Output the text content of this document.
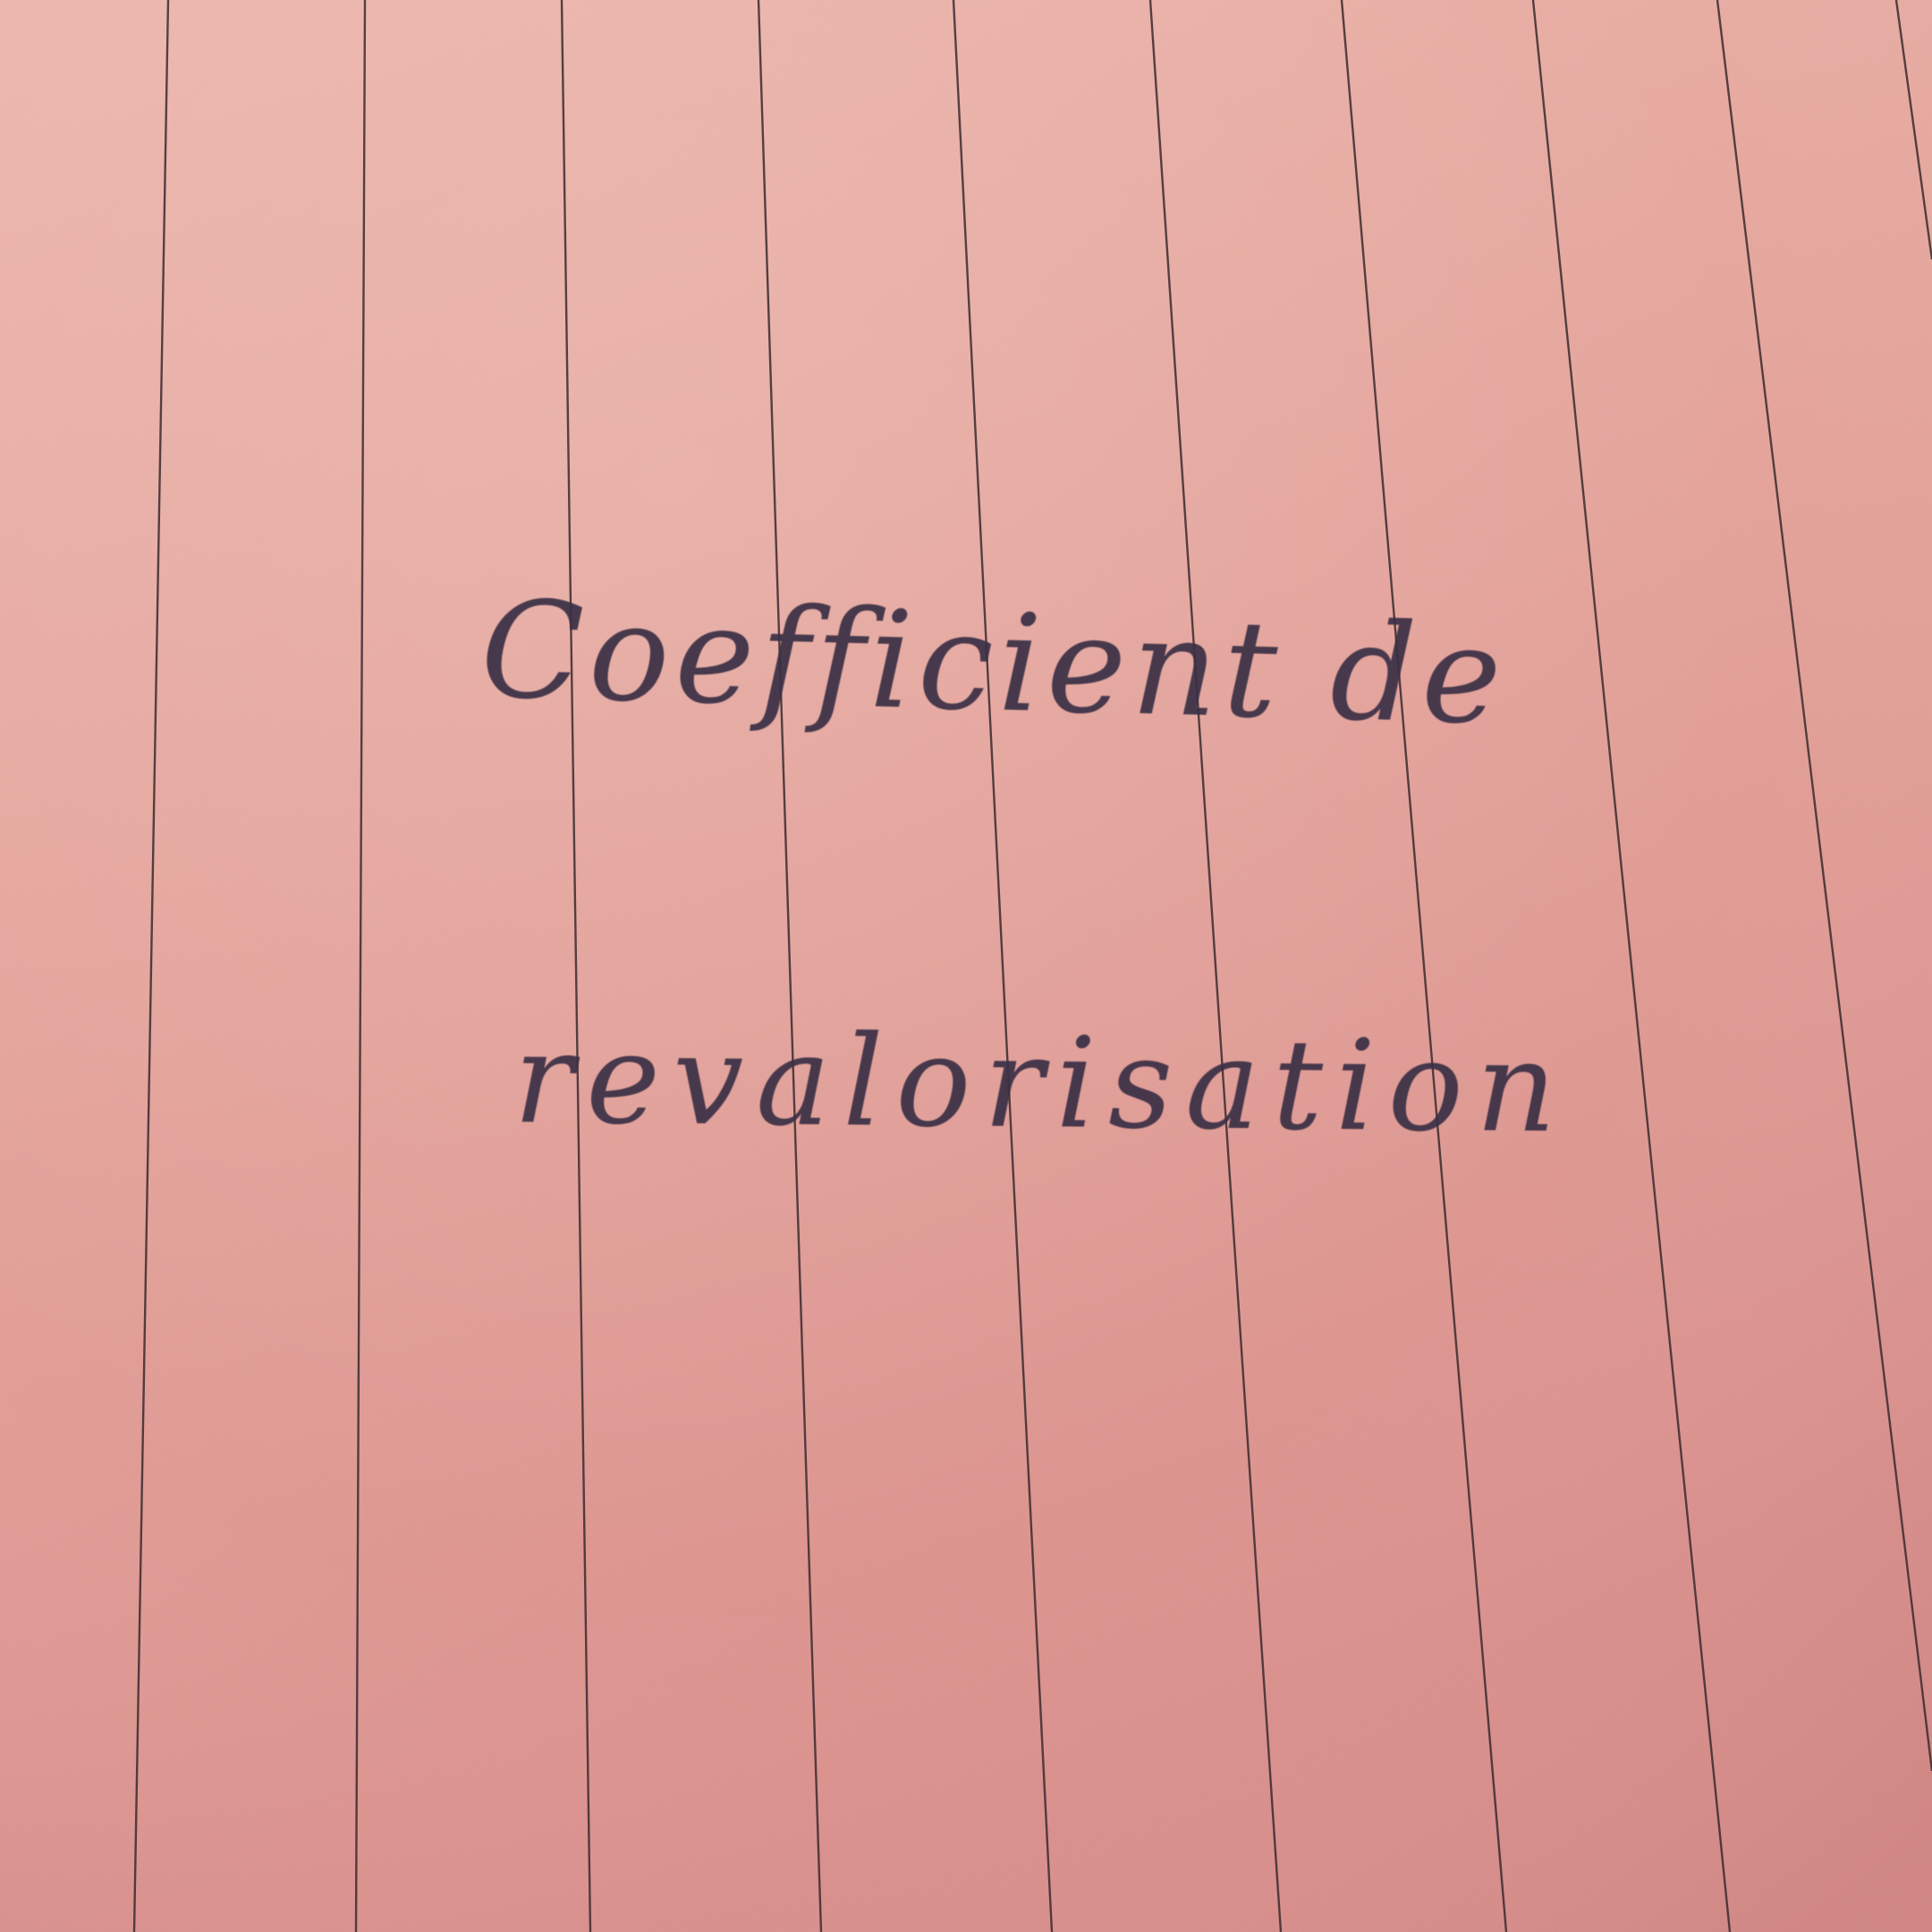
Coefficient de
revalorisation
